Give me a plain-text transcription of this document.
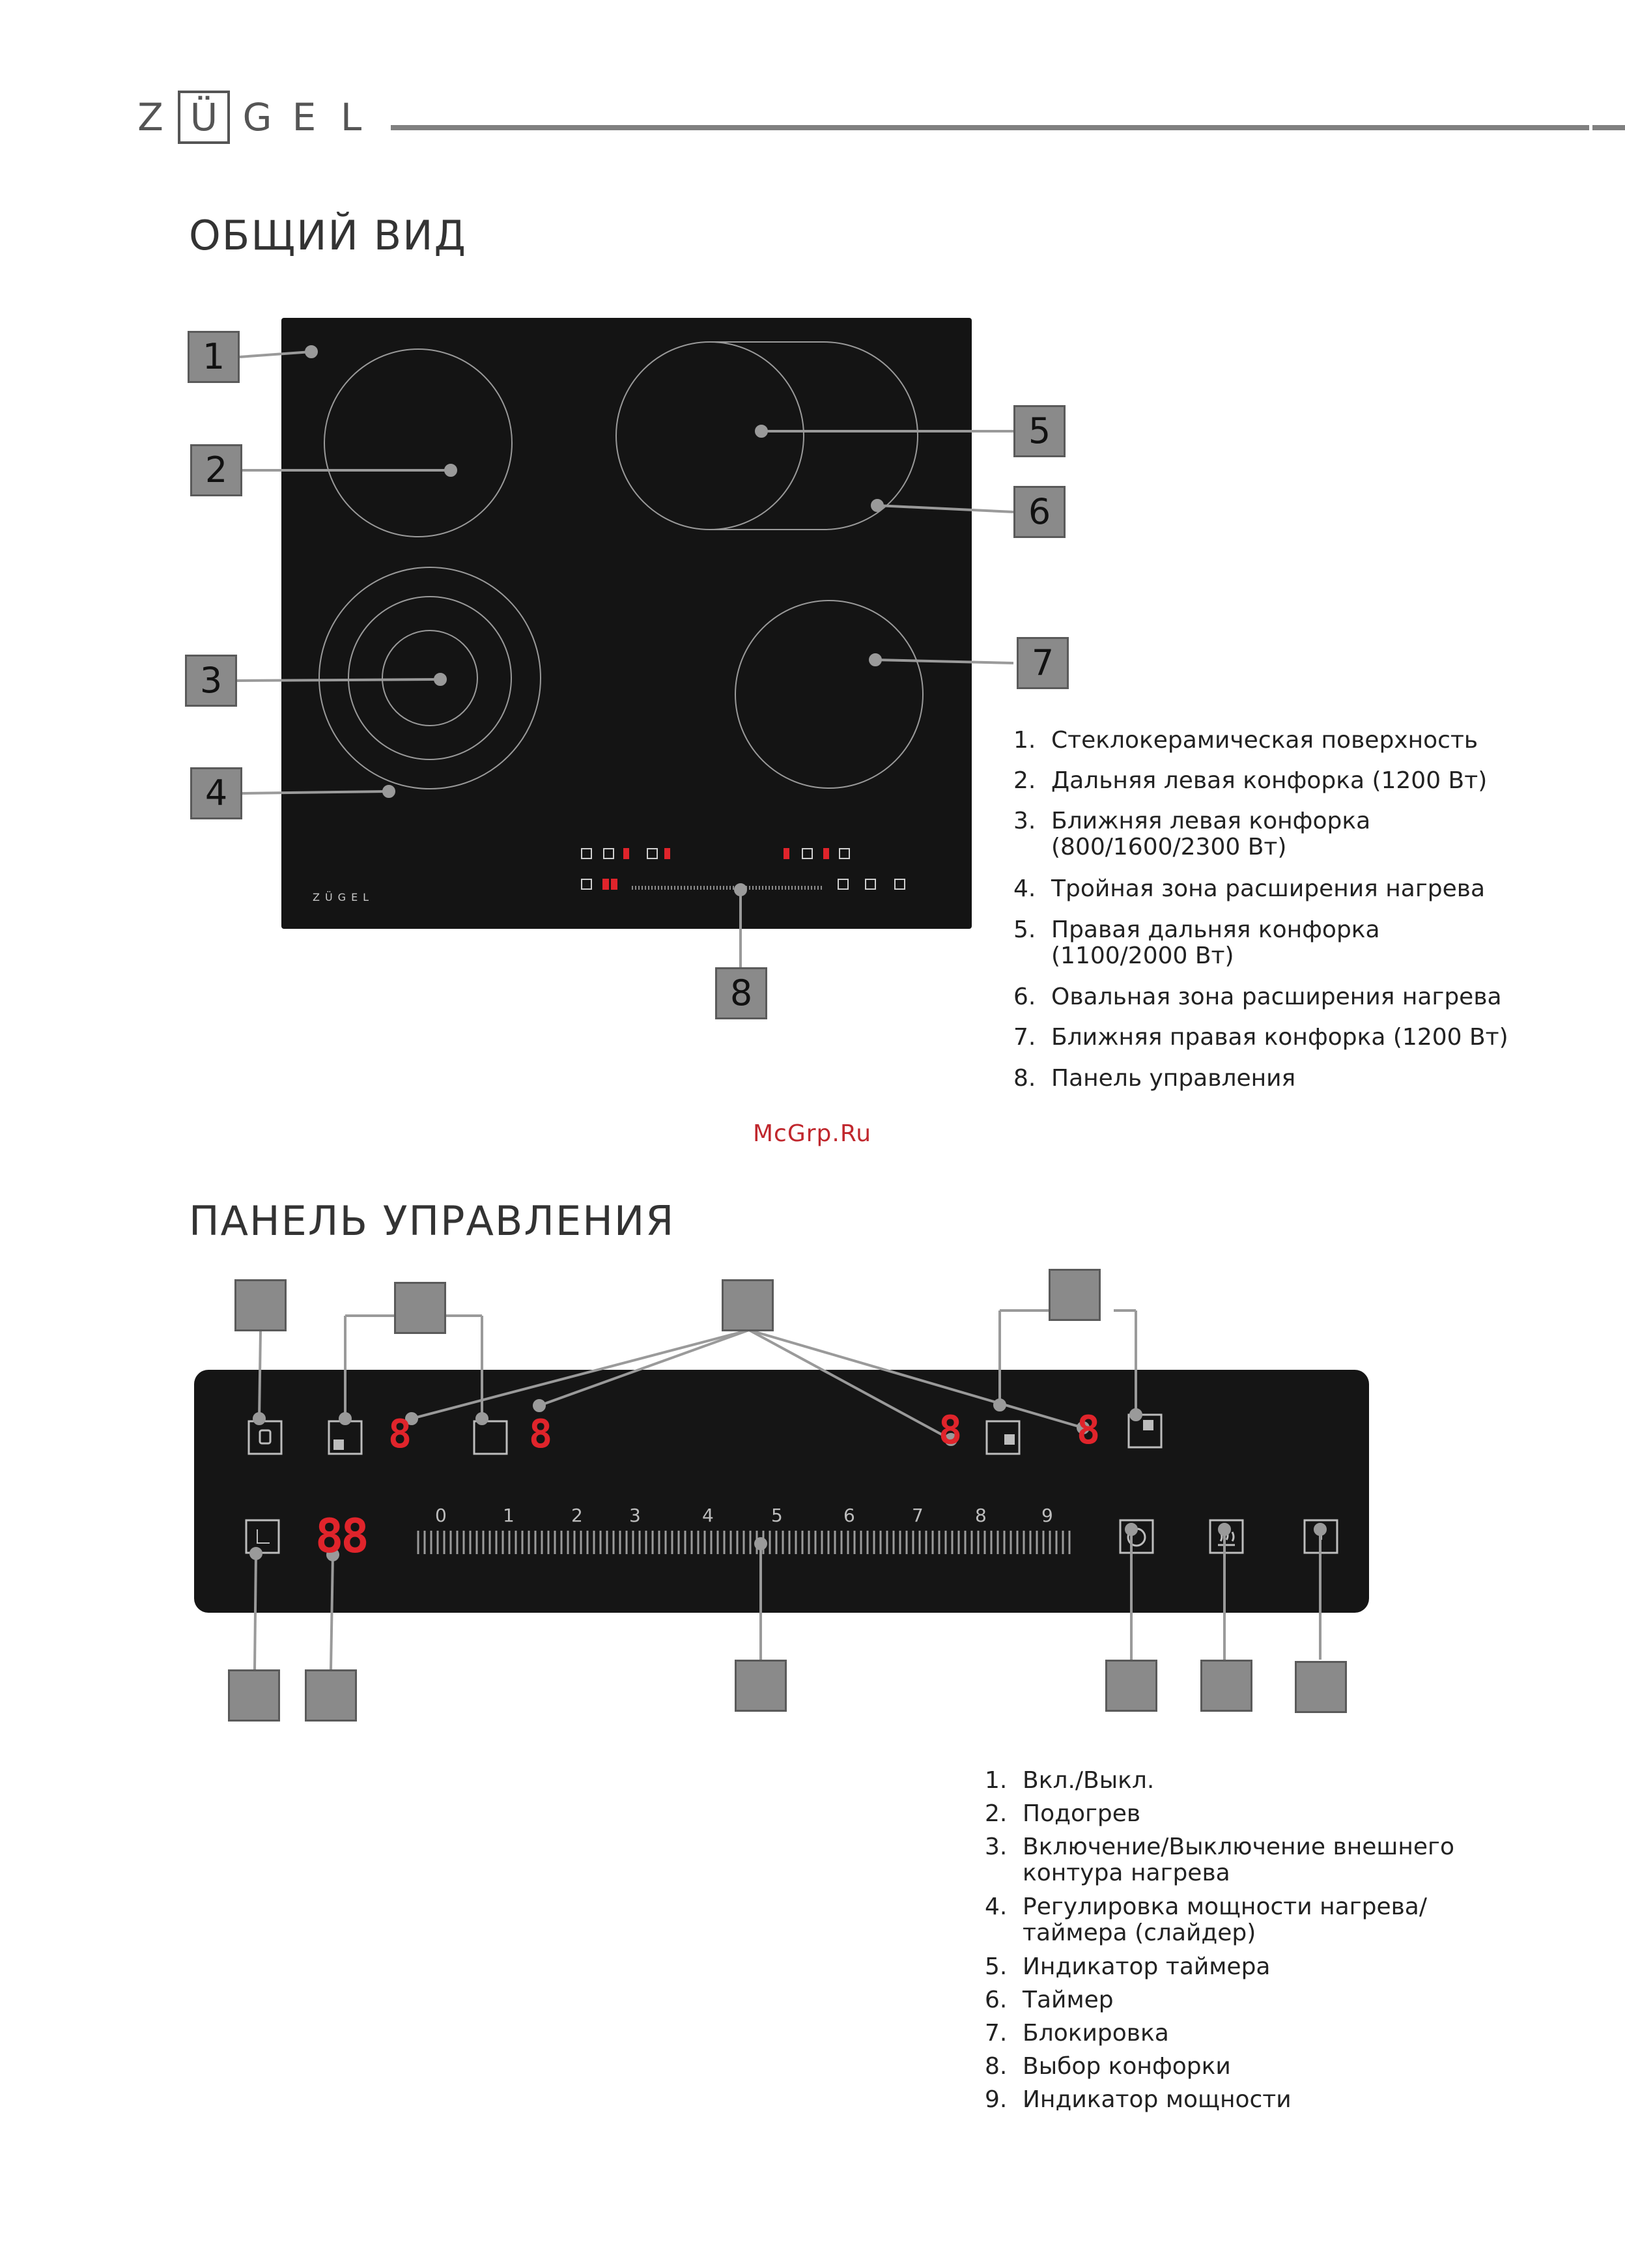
Z Ü G E L
ОБЩИЙ ВИД
ZÜGEL
1
2
3
4
5
6
7
8
1. Стеклокерамическая поверхность
2. Дальняя левая конфорка (1200 Вт)
3. Ближняя левая конфорка
(800/1600/2300 Вт)
4. Тройная зона расширения нагрева
5. Правая дальняя конфорка
(1100/2000 Вт)
6. Овальная зона расширения нагрева
7. Ближняя правая конфорка (1200 Вт)
8. Панель управления
McGrp.Ru
ПАНЕЛЬ УПРАВЛЕНИЯ
8	8	8	8
88	0	1	2	3	4	5	6	7	8	9
1. Вкл./Выкл.
2. Подогрев
3. Включение/Выключение внешнего
контура нагрева
4. Регулировка мощности нагрева/
таймера (слайдер)
5. Индикатор таймера
6. Таймер
7. Блокировка
8. Выбор конфорки
9. Индикатор мощности
